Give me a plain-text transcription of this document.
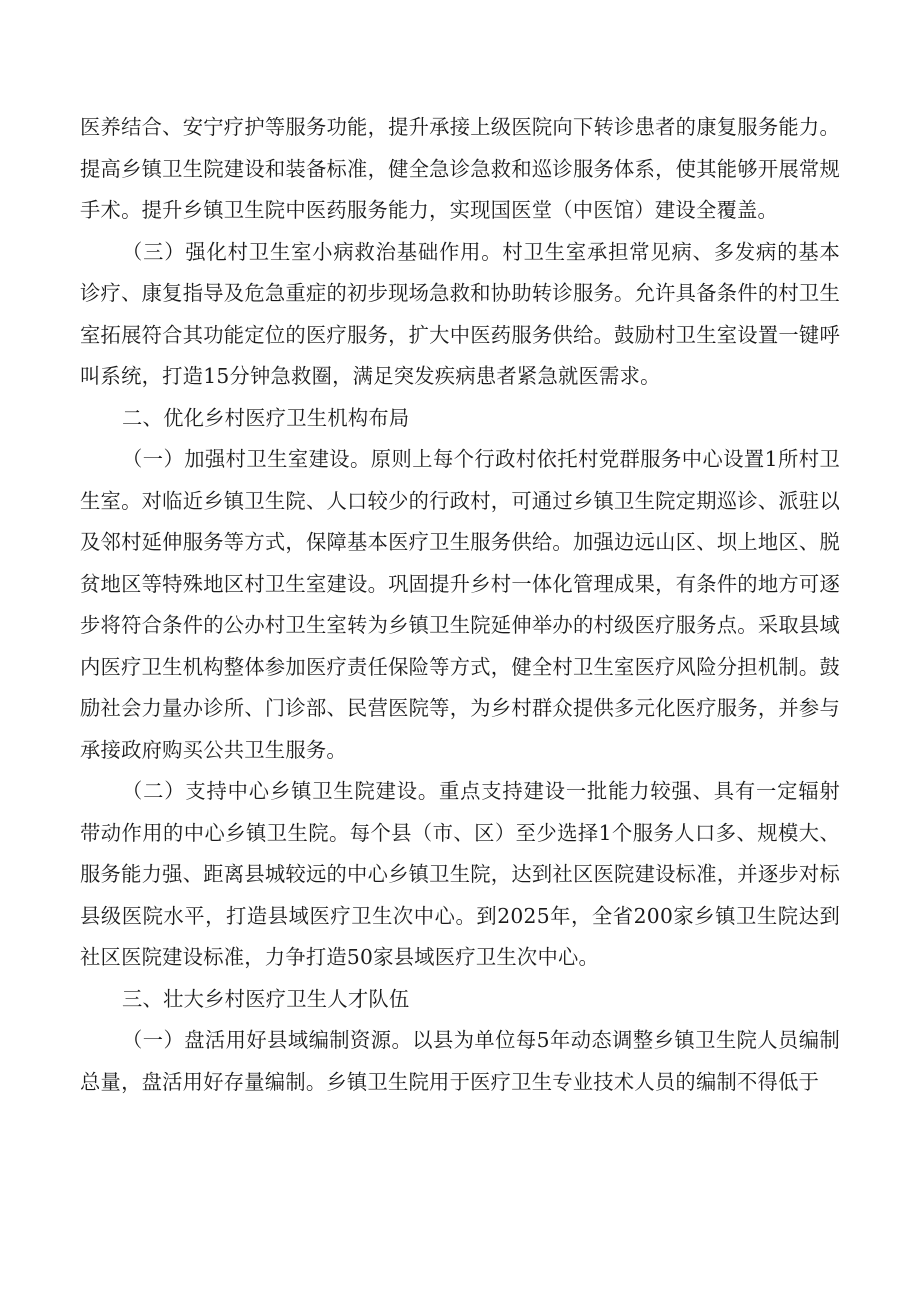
医养结合、安宁疗护等服务功能，提升承接上级医院向下转诊患者的康复服务能力。提高乡镇卫生院建设和装备标准，健全急诊急救和巡诊服务体系，使其能够开展常规手术。提升乡镇卫生院中医药服务能力，实现国医堂（中医馆）建设全覆盖。

（三）强化村卫生室小病救治基础作用。村卫生室承担常见病、多发病的基本诊疗、康复指导及危急重症的初步现场急救和协助转诊服务。允许具备条件的村卫生室拓展符合其功能定位的医疗服务，扩大中医药服务供给。鼓励村卫生室设置一键呼叫系统，打造15分钟急救圈，满足突发疾病患者紧急就医需求。

二、优化乡村医疗卫生机构布局

（一）加强村卫生室建设。原则上每个行政村依托村党群服务中心设置1所村卫生室。对临近乡镇卫生院、人口较少的行政村，可通过乡镇卫生院定期巡诊、派驻以及邻村延伸服务等方式，保障基本医疗卫生服务供给。加强边远山区、坝上地区、脱贫地区等特殊地区村卫生室建设。巩固提升乡村一体化管理成果，有条件的地方可逐步将符合条件的公办村卫生室转为乡镇卫生院延伸举办的村级医疗服务点。采取县域内医疗卫生机构整体参加医疗责任保险等方式，健全村卫生室医疗风险分担机制。鼓励社会力量办诊所、门诊部、民营医院等，为乡村群众提供多元化医疗服务，并参与承接政府购买公共卫生服务。

（二）支持中心乡镇卫生院建设。重点支持建设一批能力较强、具有一定辐射带动作用的中心乡镇卫生院。每个县（市、区）至少选择1个服务人口多、规模大、服务能力强、距离县城较远的中心乡镇卫生院，达到社区医院建设标准，并逐步对标县级医院水平，打造县域医疗卫生次中心。到2025年，全省200家乡镇卫生院达到社区医院建设标准，力争打造50家县域医疗卫生次中心。

三、壮大乡村医疗卫生人才队伍

（一）盘活用好县域编制资源。以县为单位每5年动态调整乡镇卫生院人员编制总量，盘活用好存量编制。乡镇卫生院用于医疗卫生专业技术人员的编制不得低于
